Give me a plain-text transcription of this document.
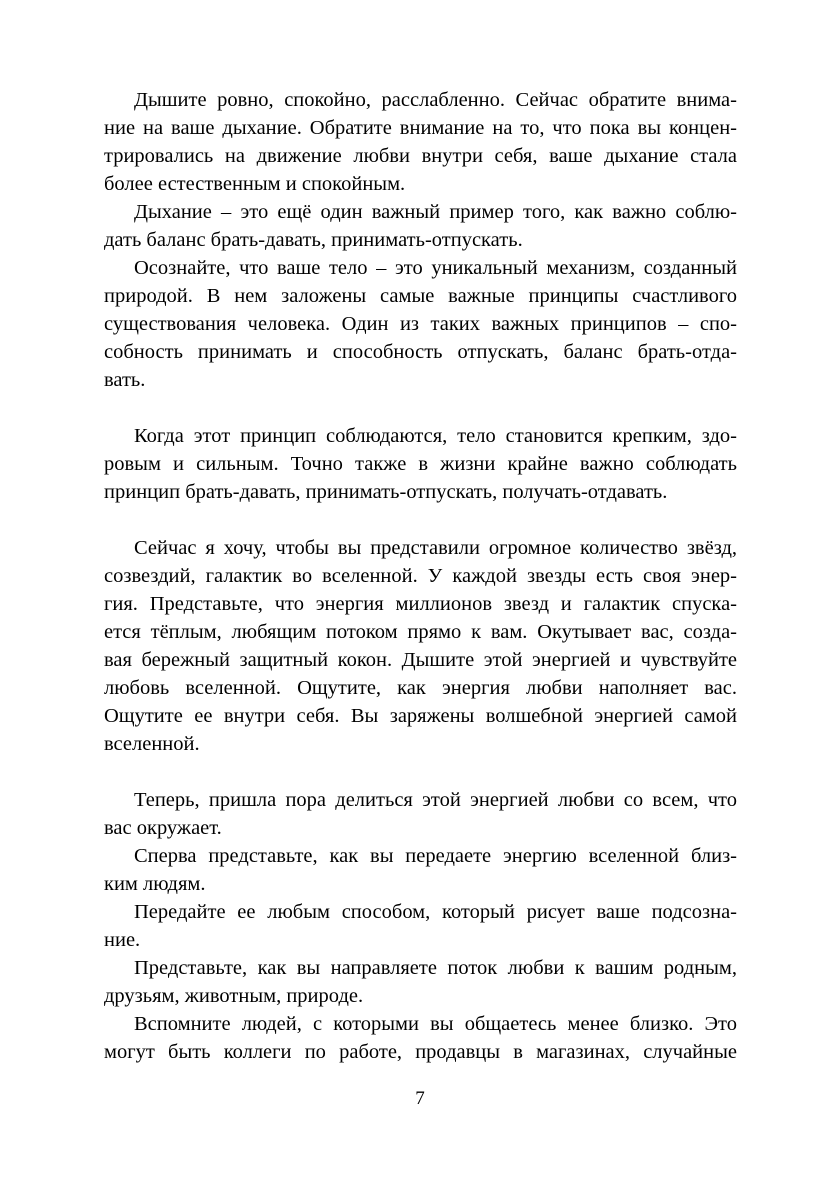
Дышите ровно, спокойно, расслабленно. Сейчас обратите внима-
ние на ваше дыхание. Обратите внимание на то, что пока вы концен-
трировались на движение любви внутри себя, ваше дыхание стала
более естественным и спокойным.
Дыхание – это ещё один важный пример того, как важно соблю-
дать баланс брать-давать, принимать-отпускать.
Осознайте, что ваше тело – это уникальный механизм, созданный
природой. В нем заложены самые важные принципы счастливого
существования человека. Один из таких важных принципов – спо-
собность принимать и способность отпускать, баланс брать-отда-
вать.
Когда этот принцип соблюдаются, тело становится крепким, здо-
ровым и сильным. Точно также в жизни крайне важно соблюдать
принцип брать-давать, принимать-отпускать, получать-отдавать.
Сейчас я хочу, чтобы вы представили огромное количество звёзд,
созвездий, галактик во вселенной. У каждой звезды есть своя энер-
гия. Представьте, что энергия миллионов звезд и галактик спуска-
ется тёплым, любящим потоком прямо к вам. Окутывает вас, созда-
вая бережный защитный кокон. Дышите этой энергией и чувствуйте
любовь вселенной. Ощутите, как энергия любви наполняет вас.
Ощутите ее внутри себя. Вы заряжены волшебной энергией самой
вселенной.
Теперь, пришла пора делиться этой энергией любви со всем, что
вас окружает.
Сперва представьте, как вы передаете энергию вселенной близ-
ким людям.
Передайте ее любым способом, который рисует ваше подсозна-
ние.
Представьте, как вы направляете поток любви к вашим родным,
друзьям, животным, природе.
Вспомните людей, с которыми вы общаетесь менее близко. Это
могут быть коллеги по работе, продавцы в магазинах, случайные
7
